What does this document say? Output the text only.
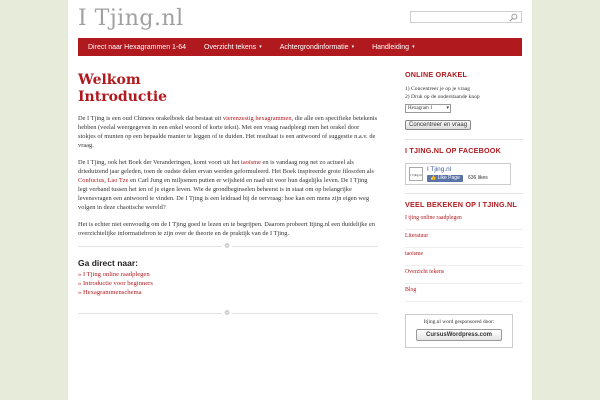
I Tjing.nl
Direct naar Hexagrammen 1-64	Overzicht tekens ▾	Achtergrondinformatie ▾	Handleiding ▾
Welkom
Introductie

De I Tjing is een oud Chinees orakelboek dat bestaat uit vierenzestig hexagrammen, die alle een specifieke betekenis hebben (veelal weergegeven in een enkel woord of korte tekst). Met een vraag raadpleegt men het orakel door stokjes of munten op een bepaalde manier te leggen of te duiden. Het resultaat is een antwoord of suggestie n.a.v. de vraag.

De I Tjing, ook het Boek der Veranderingen, komt voort uit het taoïsme en is vandaag nog net zo actueel als drieduizend jaar geleden, toen de oudste delen ervan werden geformuleerd. Het Boek inspireerde grote filosofen als Confucius, Lao Tze en Carl Jung en miljoenen putten er wijsheid en raad uit voor hun dagelijks leven. De I Tjing legt verband tussen het ien of je eigen leven. Wie de grondbeginselen beheerst is in staat om op belangrijke levensvragen een antwoord te vinden. De I Tjing is een leidraad bij de oervraag: hoe kan een mens zijn eigen weg volgen in deze chaotische wereld?

Het is echter niet eenvoudig om de I Tjing goed te lezen en te begrijpen. Daarom probeert Itjing.nl een duidelijke en overzichtelijke informatiebron te zijn over de theorie en de praktijk van de I Tjing.

❁
Ga direct naar:
» I Tjing online raadplegen
» Introductie voor beginners
» Hexagrammenschema
❁
ONLINE ORAKEL

1) Concentreer je op je vraag
2) Druk op de onderstaande knop

Hexagram 1	▾
Concentreer en vraag
I TJING.NL OP FACEBOOK
I Tjing.nl
I Tjing.nl
👍 Like Page	636 likes
VEEL BEKEKEN OP I TJING.NL
I tjing online raadplegen
Literatuur
taoisme
Overzicht tekens
Blog
Itjing.nl word gesponsored door:
CursusWordpress.com
